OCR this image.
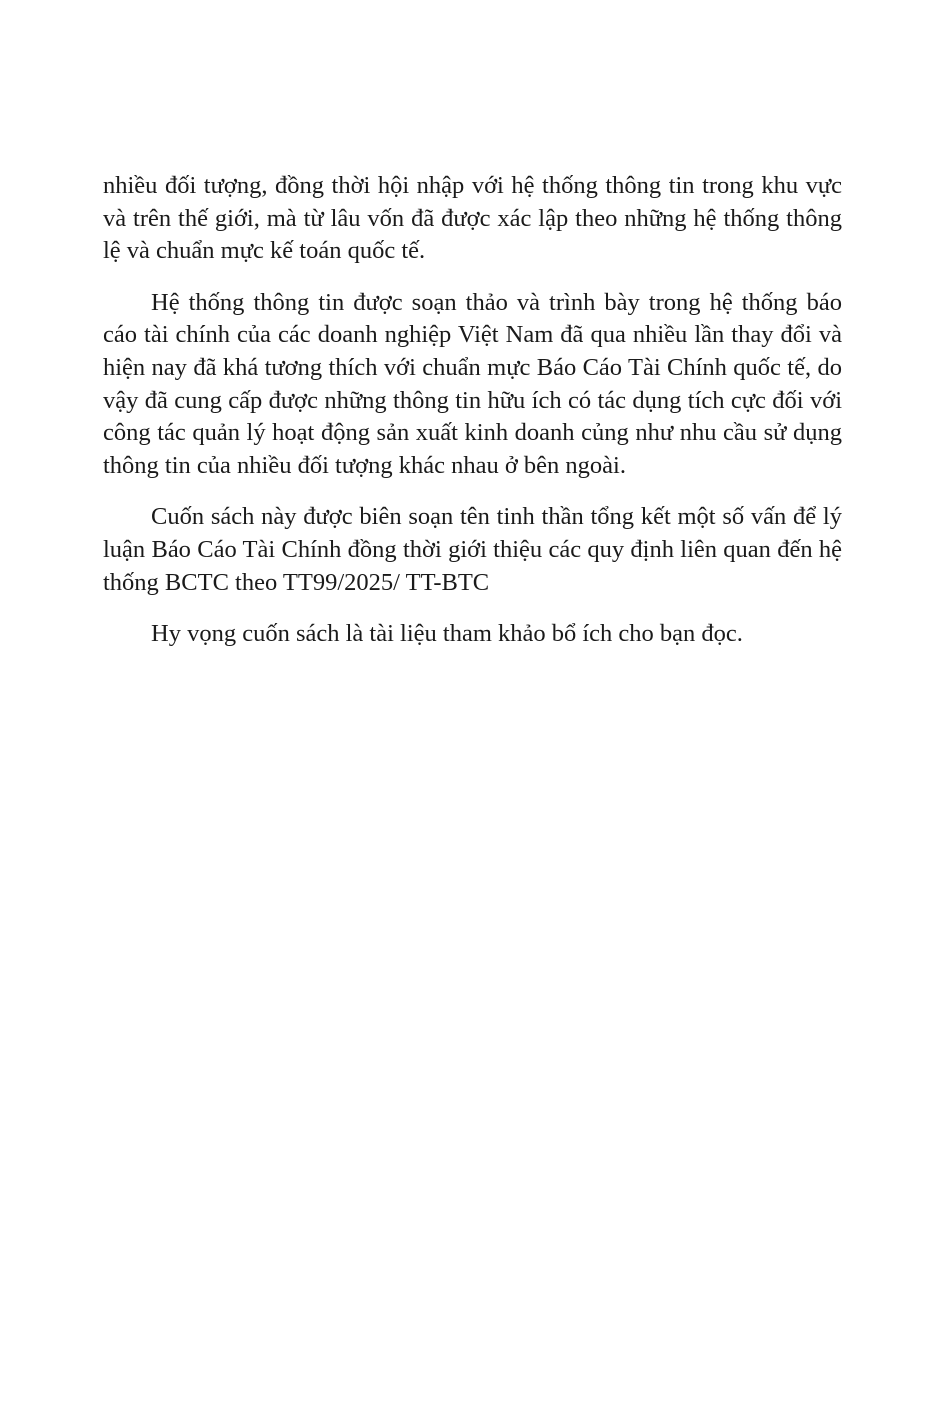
nhiều đối tượng, đồng thời hội nhập với hệ thống thông tin trong khu vực và trên thế giới, mà từ lâu vốn đã được xác lập theo những hệ thống thông lệ và chuẩn mực kế toán quốc tế.

Hệ thống thông tin được soạn thảo và trình bày trong hệ thống báo cáo tài chính của các doanh nghiệp Việt Nam đã qua nhiều lần thay đổi và hiện nay đã khá tương thích với chuẩn mực Báo Cáo Tài Chính quốc tế, do vậy đã cung cấp được những thông tin hữu ích có tác dụng tích cực đối với công tác quản lý hoạt động sản xuất kinh doanh củng như nhu cầu sử dụng thông tin của nhiều đối tượng khác nhau ở bên ngoài.

Cuốn sách này được biên soạn tên tinh thần tổng kết một số vấn để lý luận Báo Cáo Tài Chính đồng thời giới thiệu các quy định liên quan đến hệ thống BCTC theo TT99/2025/ TT-BTC

Hy vọng cuốn sách là tài liệu tham khảo bổ ích cho bạn đọc.
